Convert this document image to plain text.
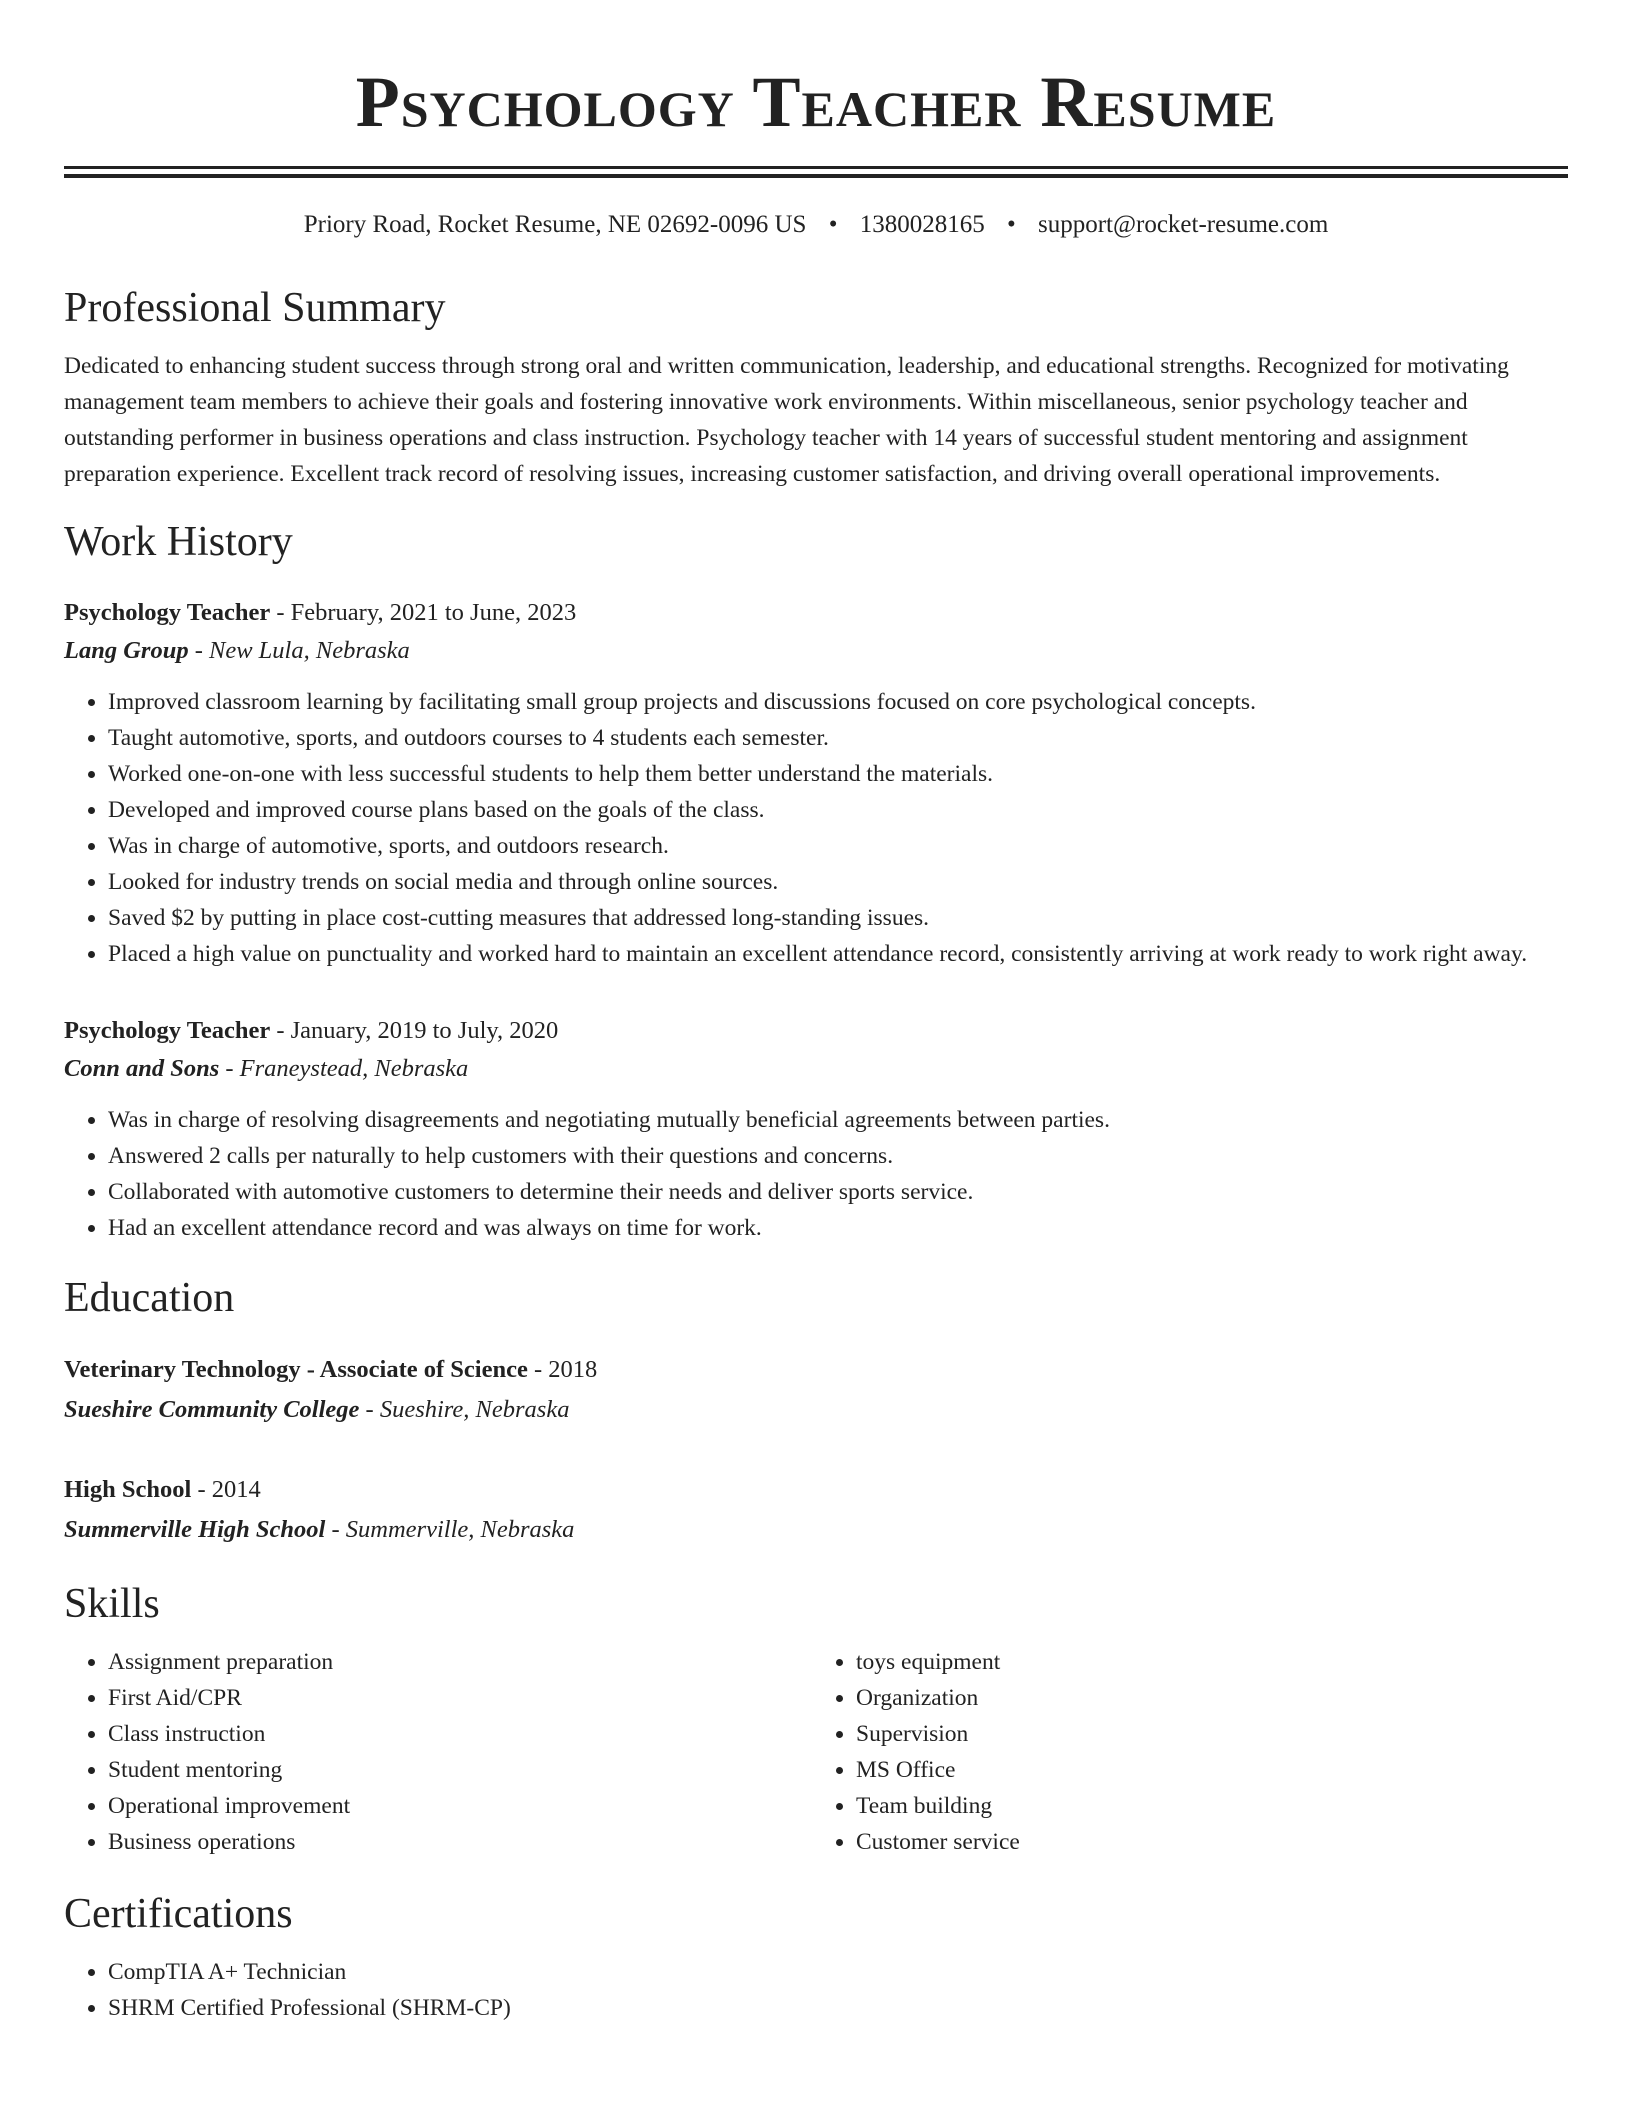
Psychology Teacher Resume
Priory Road, Rocket Resume, NE 02692-0096 US • 1380028165 • support@rocket-resume.com
Professional Summary

Dedicated to enhancing student success through strong oral and written communication, leadership, and educational strengths. Recognized for motivating management team members to achieve their goals and fostering innovative work environments. Within miscellaneous, senior psychology teacher and outstanding performer in business operations and class instruction. Psychology teacher with 14 years of successful student mentoring and assignment preparation experience. Excellent track record of resolving issues, increasing customer satisfaction, and driving overall operational improvements.

Work History
Psychology Teacher - February, 2021 to June, 2023
Lang Group - New Lula, Nebraska
• Improved classroom learning by facilitating small group projects and discussions focused on core psychological concepts.
• Taught automotive, sports, and outdoors courses to 4 students each semester.
• Worked one-on-one with less successful students to help them better understand the materials.
• Developed and improved course plans based on the goals of the class.
• Was in charge of automotive, sports, and outdoors research.
• Looked for industry trends on social media and through online sources.
• Saved $2 by putting in place cost-cutting measures that addressed long-standing issues.
• Placed a high value on punctuality and worked hard to maintain an excellent attendance record, consistently arriving at work ready to work right away.
Psychology Teacher - January, 2019 to July, 2020
Conn and Sons - Franeystead, Nebraska
• Was in charge of resolving disagreements and negotiating mutually beneficial agreements between parties.
• Answered 2 calls per naturally to help customers with their questions and concerns.
• Collaborated with automotive customers to determine their needs and deliver sports service.
• Had an excellent attendance record and was always on time for work.
Education
Veterinary Technology - Associate of Science - 2018
Sueshire Community College - Sueshire, Nebraska
High School - 2014
Summerville High School - Summerville, Nebraska
Skills
• Assignment preparation
• First Aid/CPR
• Class instruction
• Student mentoring
• Operational improvement
• Business operations
• toys equipment
• Organization
• Supervision
• MS Office
• Team building
• Customer service
Certifications
• CompTIA A+ Technician
• SHRM Certified Professional (SHRM-CP)
